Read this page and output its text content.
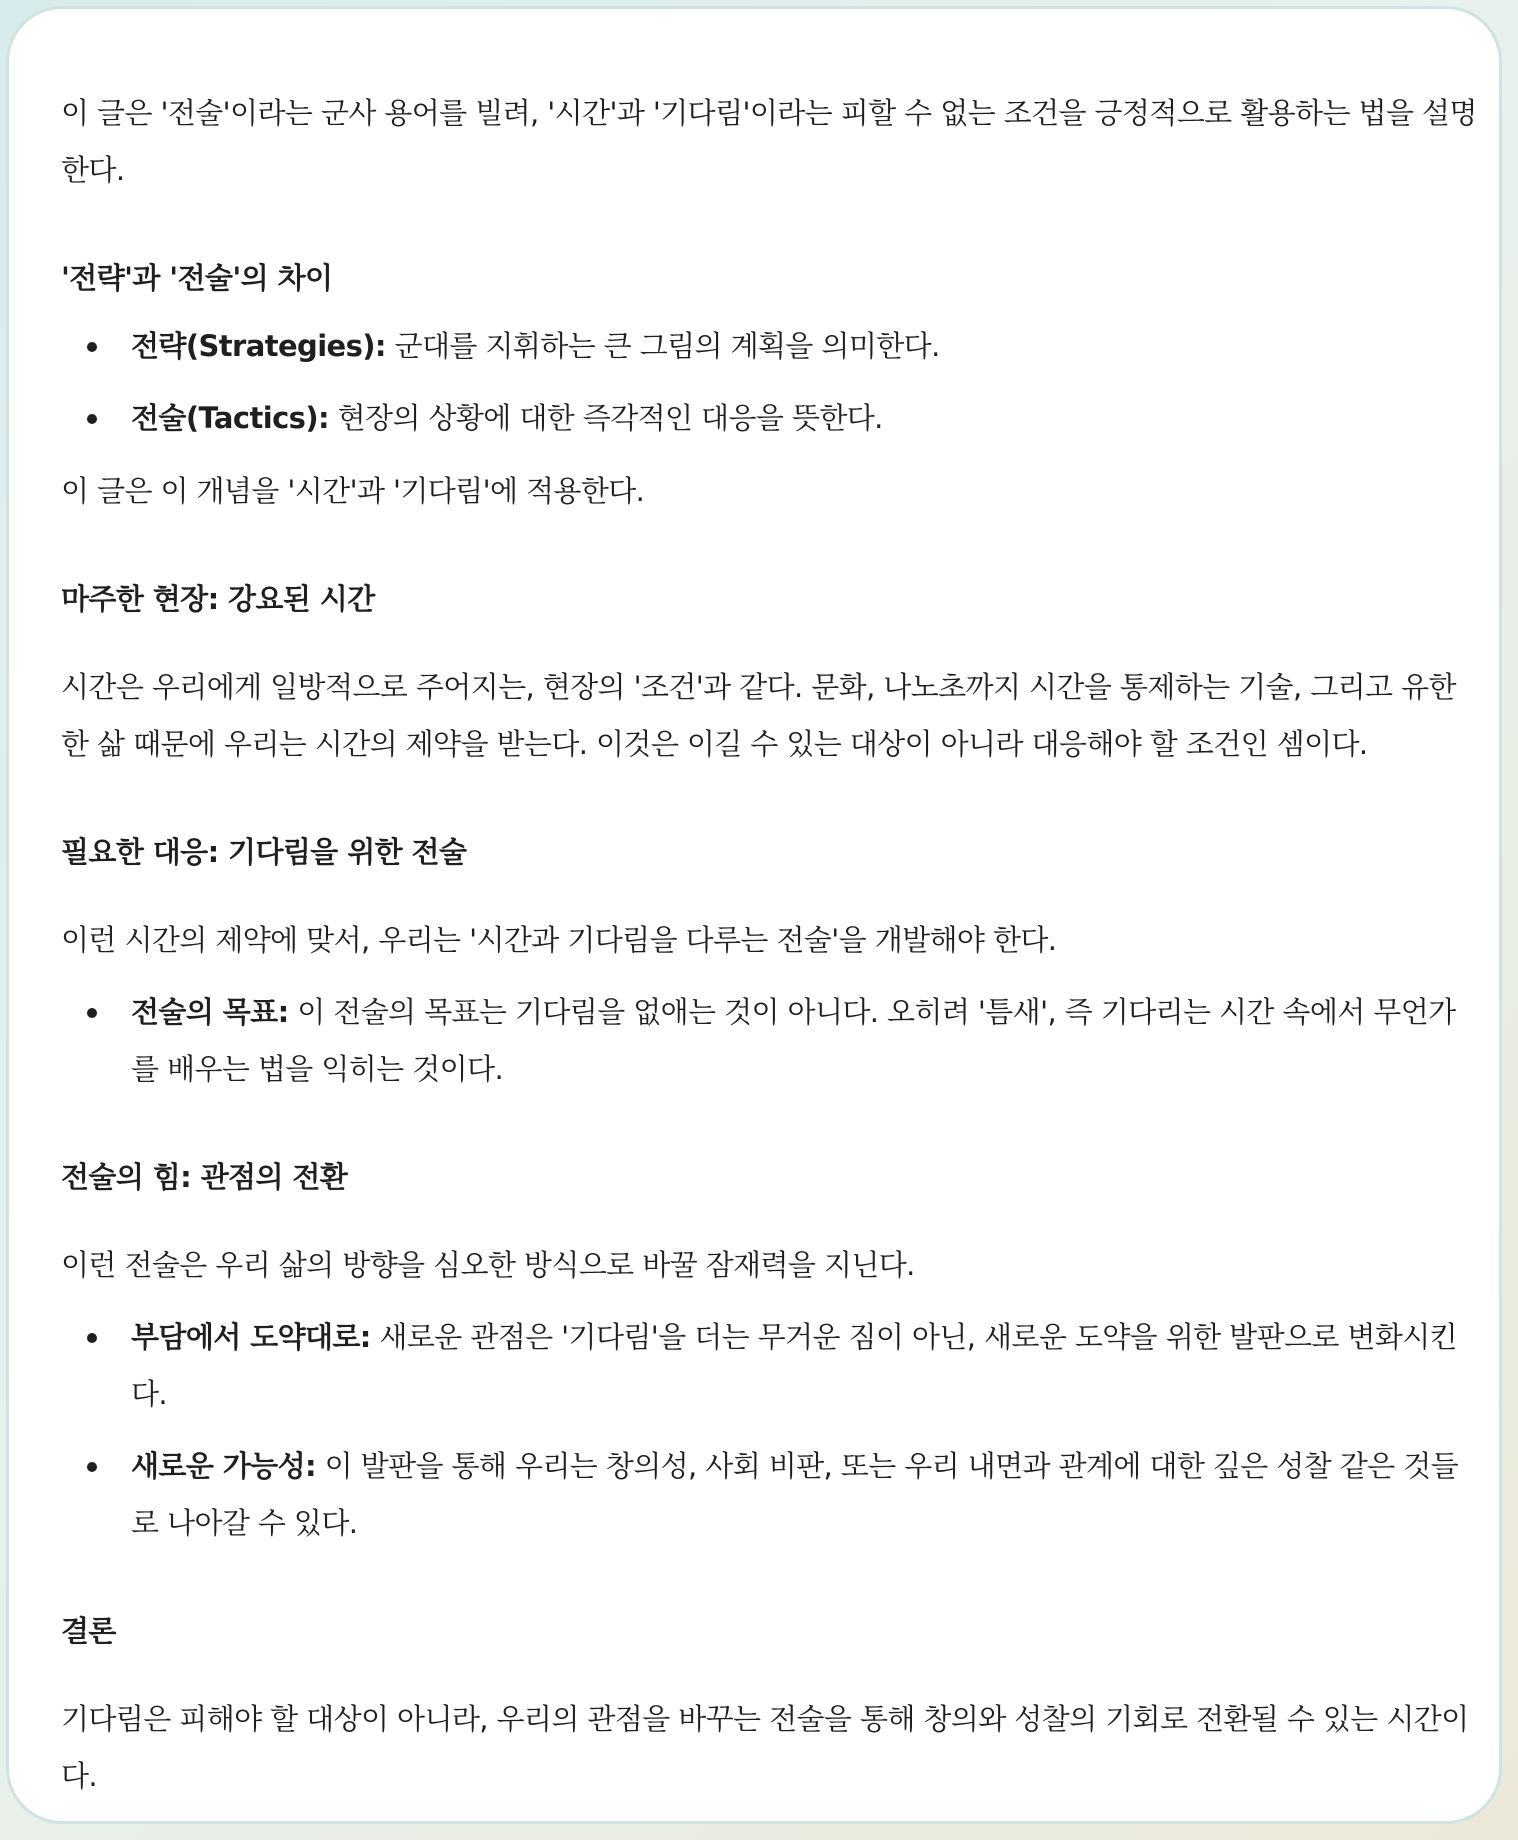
이 글은 '전술'이라는 군사 용어를 빌려, '시간'과 '기다림'이라는 피할 수 없는 조건을 긍정적으로 활용하는 법을 설명한다.

'전략'과 '전술'의 차이
전략(Strategies): 군대를 지휘하는 큰 그림의 계획을 의미한다.
전술(Tactics): 현장의 상황에 대한 즉각적인 대응을 뜻한다.

이 글은 이 개념을 '시간'과 '기다림'에 적용한다.

마주한 현장: 강요된 시간

시간은 우리에게 일방적으로 주어지는, 현장의 '조건'과 같다. 문화, 나노초까지 시간을 통제하는 기술, 그리고 유한한 삶 때문에 우리는 시간의 제약을 받는다. 이것은 이길 수 있는 대상이 아니라 대응해야 할 조건인 셈이다.

필요한 대응: 기다림을 위한 전술

이런 시간의 제약에 맞서, 우리는 '시간과 기다림을 다루는 전술'을 개발해야 한다.

전술의 목표: 이 전술의 목표는 기다림을 없애는 것이 아니다. 오히려 '틈새', 즉 기다리는 시간 속에서 무언가를 배우는 법을 익히는 것이다.
전술의 힘: 관점의 전환

이런 전술은 우리 삶의 방향을 심오한 방식으로 바꿀 잠재력을 지닌다.

부담에서 도약대로: 새로운 관점은 '기다림'을 더는 무거운 짐이 아닌, 새로운 도약을 위한 발판으로 변화시킨다.
새로운 가능성: 이 발판을 통해 우리는 창의성, 사회 비판, 또는 우리 내면과 관계에 대한 깊은 성찰 같은 것들로 나아갈 수 있다.
결론

기다림은 피해야 할 대상이 아니라, 우리의 관점을 바꾸는 전술을 통해 창의와 성찰의 기회로 전환될 수 있는 시간이다.
